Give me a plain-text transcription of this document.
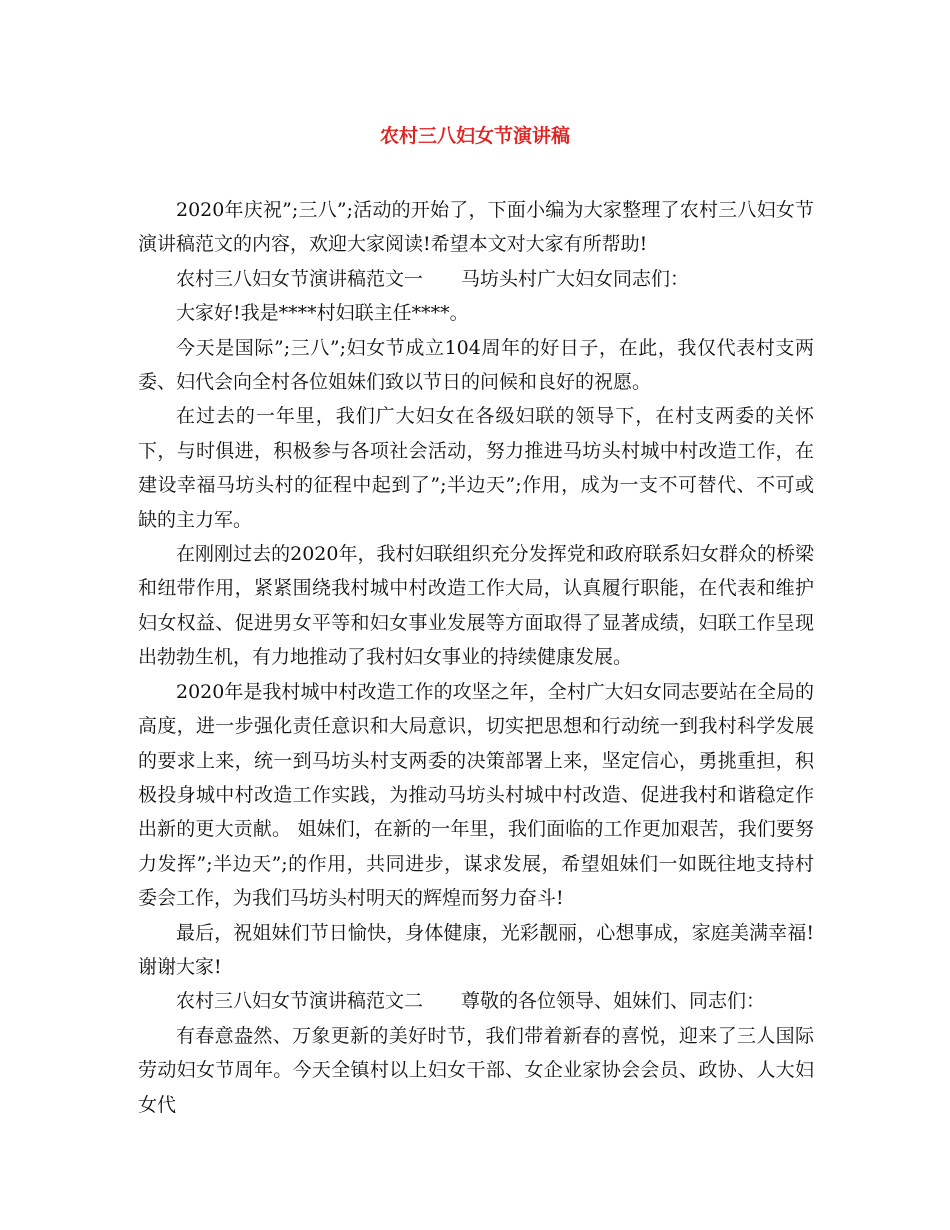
农村三八妇女节演讲稿

2020年庆祝”;三八”;活动的开始了，下面小编为大家整理了农村三八妇女节演讲稿范文的内容，欢迎大家阅读!希望本文对大家有所帮助!

农村三八妇女节演讲稿范文一 马坊头村广大妇女同志们：

大家好!我是****村妇联主任****。

今天是国际”;三八”;妇女节成立104周年的好日子，在此，我仅代表村支两委、妇代会向全村各位姐妹们致以节日的问候和良好的祝愿。

在过去的一年里，我们广大妇女在各级妇联的领导下，在村支两委的关怀下，与时俱进，积极参与各项社会活动，努力推进马坊头村城中村改造工作，在建设幸福马坊头村的征程中起到了”;半边天”;作用，成为一支不可替代、不可或缺的主力军。

在刚刚过去的2020年，我村妇联组织充分发挥党和政府联系妇女群众的桥梁和纽带作用，紧紧围绕我村城中村改造工作大局，认真履行职能，在代表和维护妇女权益、促进男女平等和妇女事业发展等方面取得了显著成绩，妇联工作呈现出勃勃生机，有力地推动了我村妇女事业的持续健康发展。

2020年是我村城中村改造工作的攻坚之年，全村广大妇女同志要站在全局的高度，进一步强化责任意识和大局意识，切实把思想和行动统一到我村科学发展的要求上来，统一到马坊头村支两委的决策部署上来，坚定信心，勇挑重担，积极投身城中村改造工作实践，为推动马坊头村城中村改造、促进我村和谐稳定作出新的更大贡献。 姐妹们，在新的一年里，我们面临的工作更加艰苦，我们要努力发挥”;半边天”;的作用，共同进步，谋求发展，希望姐妹们一如既往地支持村委会工作，为我们马坊头村明天的辉煌而努力奋斗!

最后，祝姐妹们节日愉快，身体健康，光彩靓丽，心想事成，家庭美满幸福!谢谢大家!

农村三八妇女节演讲稿范文二 尊敬的各位领导、姐妹们、同志们：

有春意盎然、万象更新的美好时节，我们带着新春的喜悦，迎来了三人国际劳动妇女节周年。今天全镇村以上妇女干部、女企业家协会会员、政协、人大妇女代
